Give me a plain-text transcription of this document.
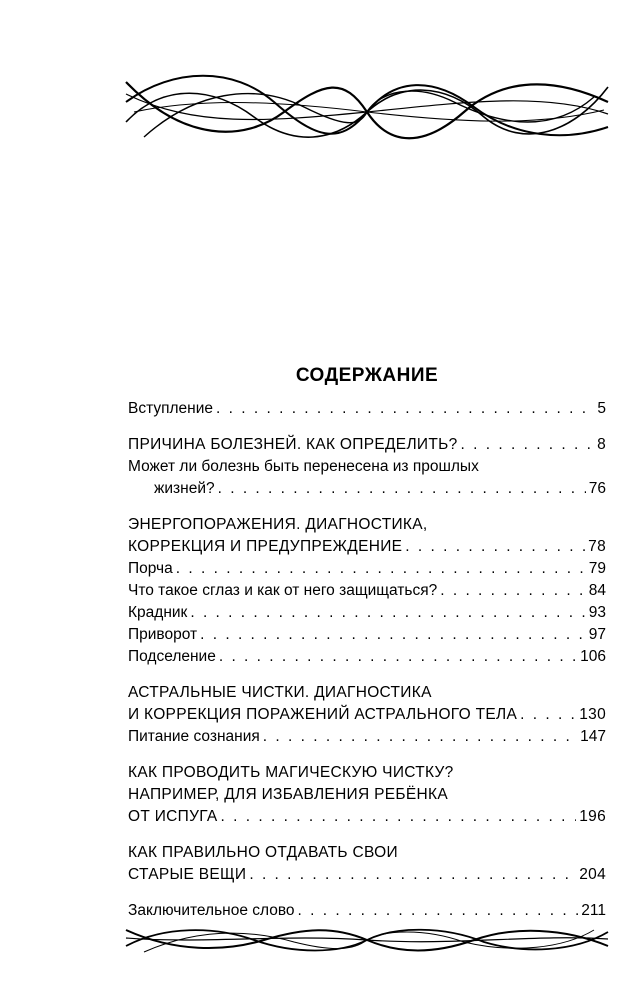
СОДЕРЖАНИЕ
Вступление . . .	5
ПРИЧИНА БОЛЕЗНЕЙ. КАК ОПРЕДЕЛИТЬ? . . .	8
Может ли болезнь быть перенесена из прошлых
жизней? . . .	76
ЭНЕРГОПОРАЖЕНИЯ. ДИАГНОСТИКА,
КОРРЕКЦИЯ И ПРЕДУПРЕЖДЕНИЕ . . .	78
Порча . . .	79
Что такое сглаз и как от него защищаться? . . .	84
Крадник . . .	93
Приворот . . .	97
Подселение . . .	106
АСТРАЛЬНЫЕ ЧИСТКИ. ДИАГНОСТИКА
И КОРРЕКЦИЯ ПОРАЖЕНИЙ АСТРАЛЬНОГО ТЕЛА . . .	130
Питание сознания . . .	147
КАК ПРОВОДИТЬ МАГИЧЕСКУЮ ЧИСТКУ?
НАПРИМЕР, ДЛЯ ИЗБАВЛЕНИЯ РЕБЁНКА
ОТ ИСПУГА . . .	196
КАК ПРАВИЛЬНО ОТДАВАТЬ СВОИ
СТАРЫЕ ВЕЩИ . . .	204
Заключительное слово . . .	211
